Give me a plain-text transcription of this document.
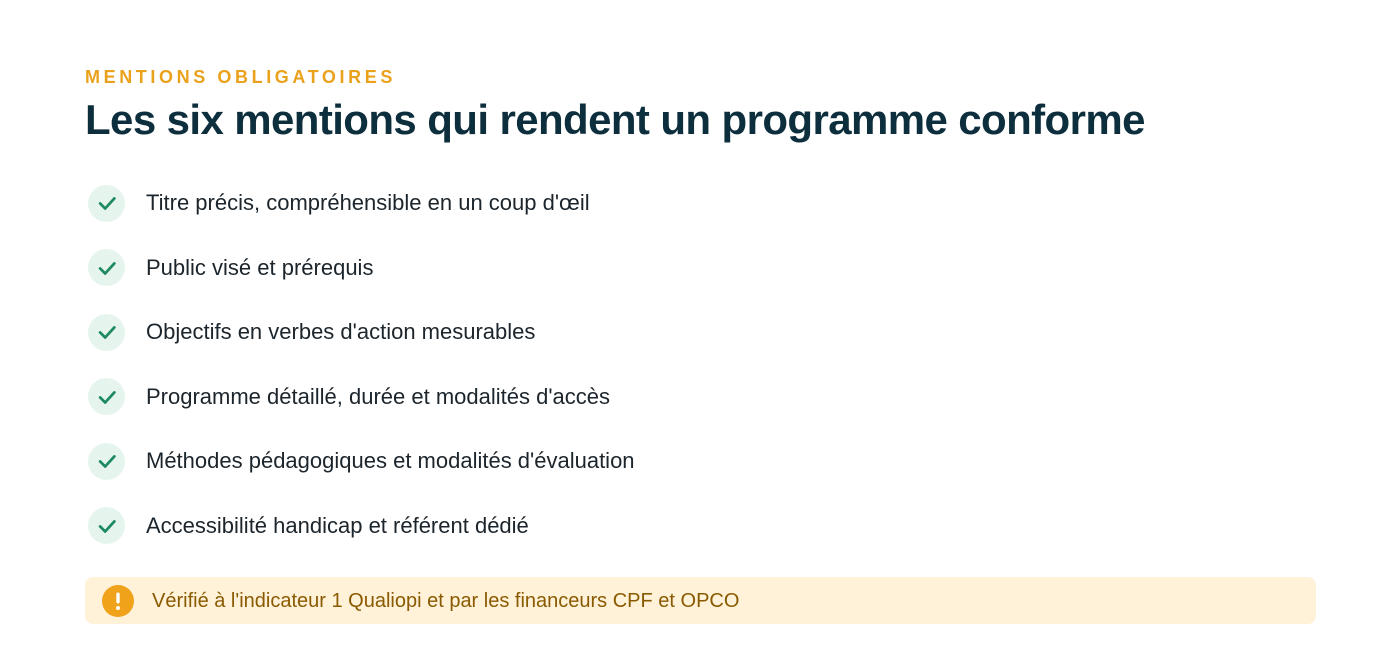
MENTIONS OBLIGATOIRES

Les six mentions qui rendent un programme conforme
Titre précis, compréhensible en un coup d'œil
Public visé et prérequis
Objectifs en verbes d'action mesurables
Programme détaillé, durée et modalités d'accès
Méthodes pédagogiques et modalités d'évaluation
Accessibilité handicap et référent dédié
Vérifié à l'indicateur 1 Qualiopi et par les financeurs CPF et OPCO
